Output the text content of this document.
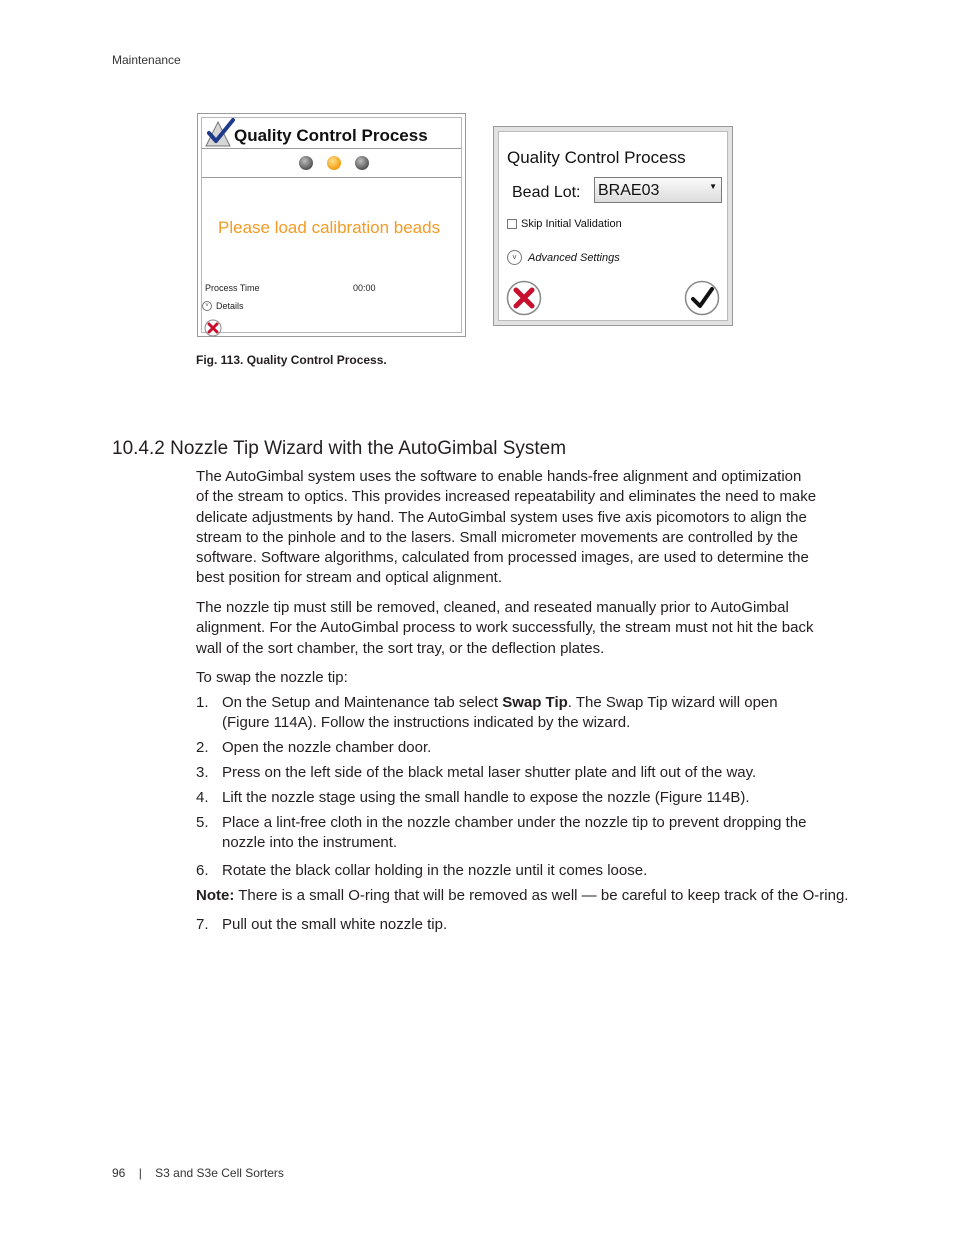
Maintenance
Quality Control Process
Please load calibration beads
Process Time	00:00
˅ Details
Quality Control Process
Bead Lot: BRAE03	▼
Skip Initial Validation
˅	Advanced Settings
Fig. 113. Quality Control Process.
10.4.2 Nozzle Tip Wizard with the AutoGimbal System
The AutoGimbal system uses the software to enable hands-free alignment and optimization
of the stream to optics. This provides increased repeatability and eliminates the need to make
delicate adjustments by hand. The AutoGimbal system uses five axis picomotors to align the
stream to the pinhole and to the lasers. Small micrometer movements are controlled by the
software. Software algorithms, calculated from processed images, are used to determine the
best position for stream and optical alignment.
The nozzle tip must still be removed, cleaned, and reseated manually prior to AutoGimbal
alignment. For the AutoGimbal process to work successfully, the stream must not hit the back
wall of the sort chamber, the sort tray, or the deflection plates.
To swap the nozzle tip:
1. On the Setup and Maintenance tab select Swap Tip. The Swap Tip wizard will open
(Figure 114A). Follow the instructions indicated by the wizard.
2. Open the nozzle chamber door.
3. Press on the left side of the black metal laser shutter plate and lift out of the way.
4. Lift the nozzle stage using the small handle to expose the nozzle (Figure 114B).
5. Place a lint-free cloth in the nozzle chamber under the nozzle tip to prevent dropping the
nozzle into the instrument.
6. Rotate the black collar holding in the nozzle until it comes loose.
Note: There is a small O-ring that will be removed as well — be careful to keep track of the O-ring.
7. Pull out the small white nozzle tip.
96 | S3 and S3e Cell Sorters
